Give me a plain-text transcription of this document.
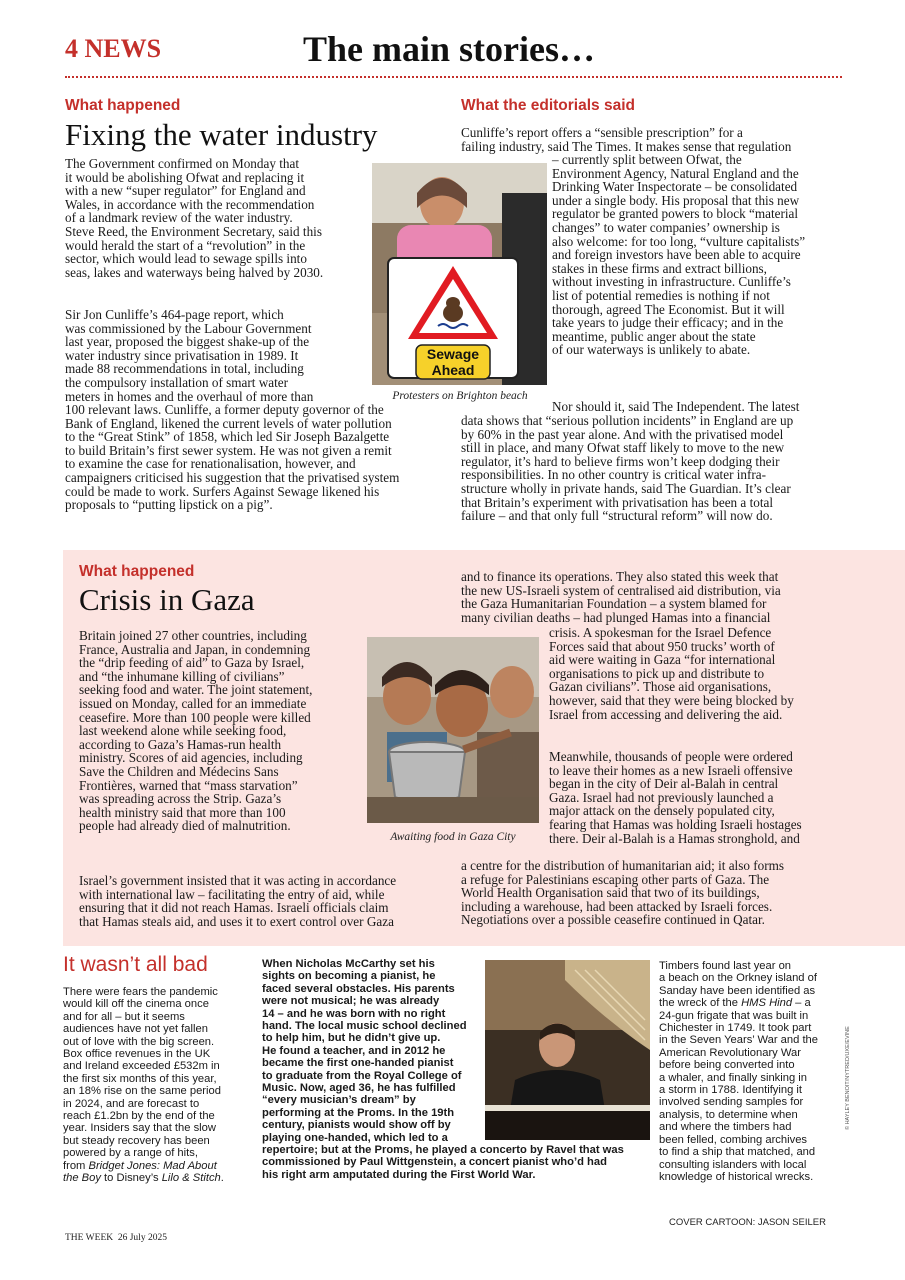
4 NEWS	The main stories…
What happened
Fixing the water industry
The Government confirmed on Monday that
it would be abolishing Ofwat and replacing it
with a new “super regulator” for England and
Wales, in accordance with the recommendation
of a landmark review of the water industry.
Steve Reed, the Environment Secretary, said this
would herald the start of a “revolution” in the
sector, which would lead to sewage spills into
seas, lakes and waterways being halved by 2030.
Sir Jon Cunliffe’s 464-page report, which
was commissioned by the Labour Government
last year, proposed the biggest shake-up of the
water industry since privatisation in 1989. It
made 88 recommendations in total, including
the compulsory installation of smart water
meters in homes and the overhaul of more than
100 relevant laws. Cunliffe, a former deputy governor of the
Bank of England, likened the current levels of water pollution
to the “Great Stink” of 1858, which led Sir Joseph Bazalgette
to build Britain’s first sewer system. He was not given a remit
to examine the case for renationalisation, however, and
campaigners criticised his suggestion that the privatised system
could be made to work. Surfers Against Sewage likened his
proposals to “putting lipstick on a pig”.
Sewage
Ahead
Protesters on Brighton beach
What the editorials said
Cunliffe’s report offers a “sensible prescription” for a
failing industry, said The Times. It makes sense that regulation
– currently split between Ofwat, the
Environment Agency, Natural England and the
Drinking Water Inspectorate – be consolidated
under a single body. His proposal that this new
regulator be granted powers to block “material
changes” to water companies’ ownership is
also welcome: for too long, “vulture capitalists”
and foreign investors have been able to acquire
stakes in these firms and extract billions,
without investing in infrastructure. Cunliffe’s
list of potential remedies is nothing if not
thorough, agreed The Economist. But it will
take years to judge their efficacy; and in the
meantime, public anger about the state
of our waterways is unlikely to abate.
Nor should it, said The Independent. The latest
data shows that “serious pollution incidents” in England are up
by 60% in the past year alone. And with the privatised model
still in place, and many Ofwat staff likely to move to the new
regulator, it’s hard to believe firms won’t keep dodging their
responsibilities. In no other country is critical water infra-
structure wholly in private hands, said The Guardian. It’s clear
that Britain’s experiment with privatisation has been a total
failure – and that only full “structural reform” will now do.
What happened
Crisis in Gaza
Britain joined 27 other countries, including
France, Australia and Japan, in condemning
the “drip feeding of aid” to Gaza by Israel,
and “the inhumane killing of civilians”
seeking food and water. The joint statement,
issued on Monday, called for an immediate
ceasefire. More than 100 people were killed
last weekend alone while seeking food,
according to Gaza’s Hamas-run health
ministry. Scores of aid agencies, including
Save the Children and Médecins Sans
Frontières, warned that “mass starvation”
was spreading across the Strip. Gaza’s
health ministry said that more than 100
people had already died of malnutrition.
Israel’s government insisted that it was acting in accordance
with international law – facilitating the entry of aid, while
ensuring that it did not reach Hamas. Israeli officials claim
that Hamas steals aid, and uses it to exert control over Gaza
Awaiting food in Gaza City
and to finance its operations. They also stated this week that
the new US-Israeli system of centralised aid distribution, via
the Gaza Humanitarian Foundation – a system blamed for
many civilian deaths – had plunged Hamas into a financial
crisis. A spokesman for the Israel Defence
Forces said that about 950 trucks’ worth of
aid were waiting in Gaza “for international
organisations to pick up and distribute to
Gazan civilians”. Those aid organisations,
however, said that they were being blocked by
Israel from accessing and delivering the aid.
Meanwhile, thousands of people were ordered
to leave their homes as a new Israeli offensive
began in the city of Deir al-Balah in central
Gaza. Israel had not previously launched a
major attack on the densely populated city,
fearing that Hamas was holding Israeli hostages
there. Deir al-Balah is a Hamas stronghold, and
a centre for the distribution of humanitarian aid; it also forms
a refuge for Palestinians escaping other parts of Gaza. The
World Health Organisation said that two of its buildings,
including a warehouse, had been attacked by Israeli forces.
Negotiations over a possible ceasefire continued in Qatar.
It wasn’t all bad

There were fears the pandemic

would kill off the cinema once

and for all – but it seems

audiences have not yet fallen

out of love with the big screen.

Box office revenues in the UK

and Ireland exceeded £532m in

the first six months of this year,

an 18% rise on the same period

in 2024, and are forecast to

reach £1.2bn by the end of the

year. Insiders say that the slow

but steady recovery has been

powered by a range of hits,

from Bridget Jones: Mad About

the Boy to Disney’s Lilo & Stitch.

When Nicholas McCarthy set his

sights on becoming a pianist, he

faced several obstacles. His parents

were not musical; he was already

14 – and he was born with no right

hand. The local music school declined

to help him, but he didn’t give up.

He found a teacher, and in 2012 he

became the first one-handed pianist

to graduate from the Royal College of

Music. Now, aged 36, he has fulfilled

“every musician’s dream” by

performing at the Proms. In the 19th

century, pianists would show off by

playing one-handed, which led to a

repertoire; but at the Proms, he played a concerto by Ravel that was

commissioned by Paul Wittgenstein, a concert pianist who’d had

his right arm amputated during the First World War.

Timbers found last year on

a beach on the Orkney island of

Sanday have been identified as

the wreck of the HMS Hind – a

24-gun frigate that was built in

Chichester in 1749. It took part

in the Seven Years’ War and the

American Revolutionary War

before being converted into

a whaler, and finally sinking in

a storm in 1788. Identifying it

involved sending samples for

analysis, to determine when

and where the timbers had

been felled, combing archives

to find a ship that matched, and

consulting islanders with local

knowledge of historical wrecks.

© HAYLEY BENOIT/NYTRED/UXE/EVINE
COVER CARTOON: JASON SEILER
THE WEEK  26 July 2025
